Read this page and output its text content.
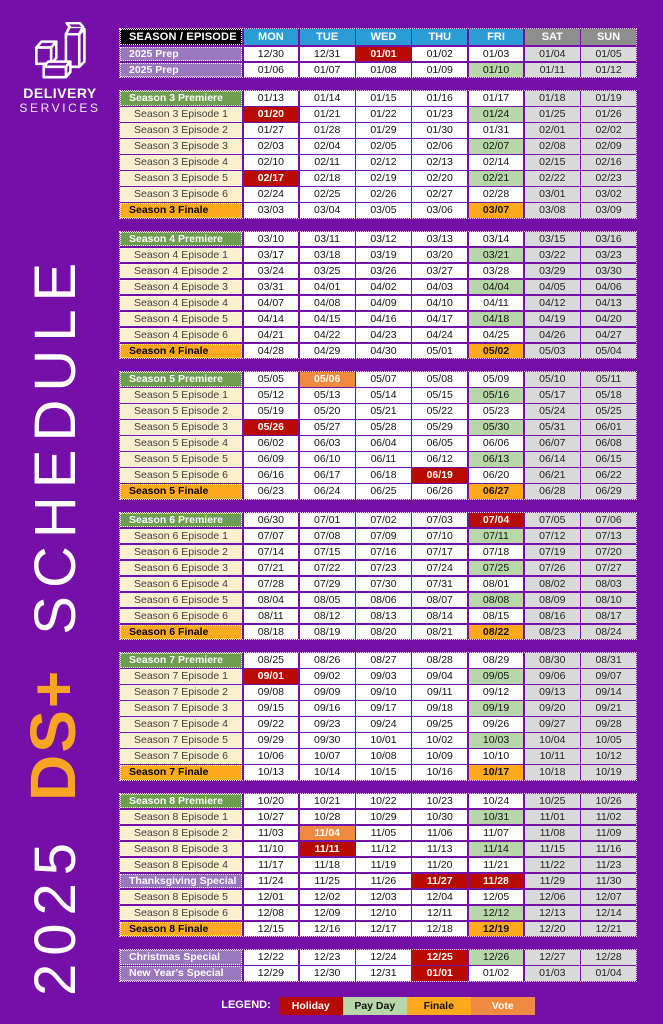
DELIVERY
SERVICES
2025
DS+
SCHEDULE
SEASON / EPISODE	MON	TUE	WED	THU	FRI	SAT	SUN
2025 Prep	12/30	12/31	01/01	01/02	01/03	01/04	01/05
2025 Prep	01/06	01/07	01/08	01/09	01/10	01/11	01/12
Season 3 Premiere	01/13	01/14	01/15	01/16	01/17	01/18	01/19
Season 3 Episode 1	01/20	01/21	01/22	01/23	01/24	01/25	01/26
Season 3 Episode 2	01/27	01/28	01/29	01/30	01/31	02/01	02/02
Season 3 Episode 3	02/03	02/04	02/05	02/06	02/07	02/08	02/09
Season 3 Episode 4	02/10	02/11	02/12	02/13	02/14	02/15	02/16
Season 3 Episode 5	02/17	02/18	02/19	02/20	02/21	02/22	02/23
Season 3 Episode 6	02/24	02/25	02/26	02/27	02/28	03/01	03/02
Season 3 Finale	03/03	03/04	03/05	03/06	03/07	03/08	03/09
Season 4 Premiere	03/10	03/11	03/12	03/13	03/14	03/15	03/16
Season 4 Episode 1	03/17	03/18	03/19	03/20	03/21	03/22	03/23
Season 4 Episode 2	03/24	03/25	03/26	03/27	03/28	03/29	03/30
Season 4 Episode 3	03/31	04/01	04/02	04/03	04/04	04/05	04/06
Season 4 Episode 4	04/07	04/08	04/09	04/10	04/11	04/12	04/13
Season 4 Episode 5	04/14	04/15	04/16	04/17	04/18	04/19	04/20
Season 4 Episode 6	04/21	04/22	04/23	04/24	04/25	04/26	04/27
Season 4 Finale	04/28	04/29	04/30	05/01	05/02	05/03	05/04
Season 5 Premiere	05/05	05/06	05/07	05/08	05/09	05/10	05/11
Season 5 Episode 1	05/12	05/13	05/14	05/15	05/16	05/17	05/18
Season 5 Episode 2	05/19	05/20	05/21	05/22	05/23	05/24	05/25
Season 5 Episode 3	05/26	05/27	05/28	05/29	05/30	05/31	06/01
Season 5 Episode 4	06/02	06/03	06/04	06/05	06/06	06/07	06/08
Season 5 Episode 5	06/09	06/10	06/11	06/12	06/13	06/14	06/15
Season 5 Episode 6	06/16	06/17	06/18	06/19	06/20	06/21	06/22
Season 5 Finale	06/23	06/24	06/25	06/26	06/27	06/28	06/29
Season 6 Premiere	06/30	07/01	07/02	07/03	07/04	07/05	07/06
Season 6 Episode 1	07/07	07/08	07/09	07/10	07/11	07/12	07/13
Season 6 Episode 2	07/14	07/15	07/16	07/17	07/18	07/19	07/20
Season 6 Episode 3	07/21	07/22	07/23	07/24	07/25	07/26	07/27
Season 6 Episode 4	07/28	07/29	07/30	07/31	08/01	08/02	08/03
Season 6 Episode 5	08/04	08/05	08/06	08/07	08/08	08/09	08/10
Season 6 Episode 6	08/11	08/12	08/13	08/14	08/15	08/16	08/17
Season 6 Finale	08/18	08/19	08/20	08/21	08/22	08/23	08/24
Season 7 Premiere	08/25	08/26	08/27	08/28	08/29	08/30	08/31
Season 7 Episode 1	09/01	09/02	09/03	09/04	09/05	09/06	09/07
Season 7 Episode 2	09/08	09/09	09/10	09/11	09/12	09/13	09/14
Season 7 Episode 3	09/15	09/16	09/17	09/18	09/19	09/20	09/21
Season 7 Episode 4	09/22	09/23	09/24	09/25	09/26	09/27	09/28
Season 7 Episode 5	09/29	09/30	10/01	10/02	10/03	10/04	10/05
Season 7 Episode 6	10/06	10/07	10/08	10/09	10/10	10/11	10/12
Season 7 Finale	10/13	10/14	10/15	10/16	10/17	10/18	10/19
Season 8 Premiere	10/20	10/21	10/22	10/23	10/24	10/25	10/26
Season 8 Episode 1	10/27	10/28	10/29	10/30	10/31	11/01	11/02
Season 8 Episode 2	11/03	11/04	11/05	11/06	11/07	11/08	11/09
Season 8 Episode 3	11/10	11/11	11/12	11/13	11/14	11/15	11/16
Season 8 Episode 4	11/17	11/18	11/19	11/20	11/21	11/22	11/23
Thanksgiving Special	11/24	11/25	11/26	11/27	11/28	11/29	11/30
Season 8 Episode 5	12/01	12/02	12/03	12/04	12/05	12/06	12/07
Season 8 Episode 6	12/08	12/09	12/10	12/11	12/12	12/13	12/14
Season 8 Finale	12/15	12/16	12/17	12/18	12/19	12/20	12/21
Christmas Special	12/22	12/23	12/24	12/25	12/26	12/27	12/28
New Year's Special	12/29	12/30	12/31	01/01	01/02	01/03	01/04
LEGEND:	Holiday Pay Day	Finale	Vote
